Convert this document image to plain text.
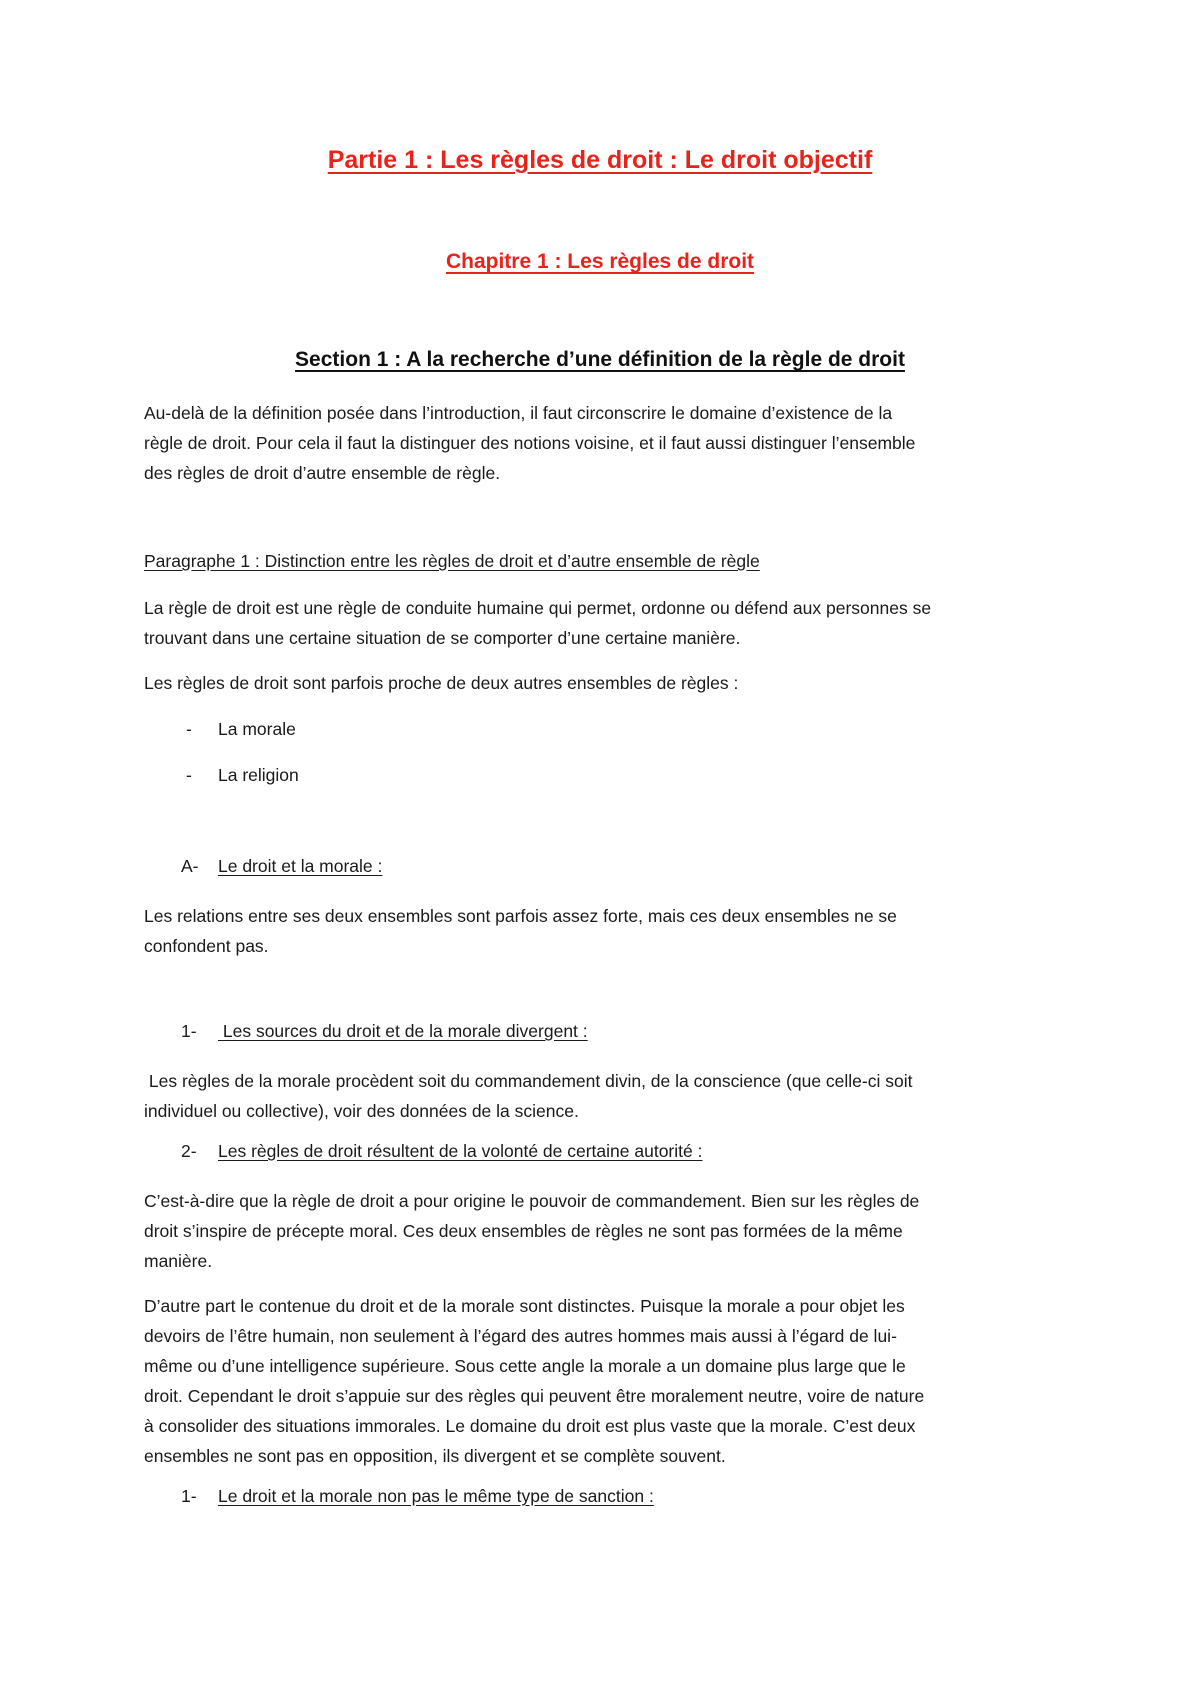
Partie 1 : Les règles de droit : Le droit objectif
Chapitre 1 : Les règles de droit
Section 1 : A la recherche d’une définition de la règle de droit

Au-delà de la définition posée dans l’introduction, il faut circonscrire le domaine d’existence de la

règle de droit. Pour cela il faut la distinguer des notions voisine, et il faut aussi distinguer l’ensemble

des règles de droit d’autre ensemble de règle.

Paragraphe 1 : Distinction entre les règles de droit et d’autre ensemble de règle

La règle de droit est une règle de conduite humaine qui permet, ordonne ou défend aux personnes se

trouvant dans une certaine situation de se comporter d’une certaine manière.

Les règles de droit sont parfois proche de deux autres ensembles de règles :

- La morale
- La religion
A- Le droit et la morale :

Les relations entre ses deux ensembles sont parfois assez forte, mais ces deux ensembles ne se

confondent pas.

1- Les sources du droit et de la morale divergent :

Les règles de la morale procèdent soit du commandement divin, de la conscience (que celle-ci soit

individuel ou collective), voir des données de la science.

2- Les règles de droit résultent de la volonté de certaine autorité :

C’est-à-dire que la règle de droit a pour origine le pouvoir de commandement. Bien sur les règles de

droit s’inspire de précepte moral. Ces deux ensembles de règles ne sont pas formées de la même

manière.

D’autre part le contenue du droit et de la morale sont distinctes. Puisque la morale a pour objet les

devoirs de l’être humain, non seulement à l’égard des autres hommes mais aussi à l’égard de lui-

même ou d’une intelligence supérieure. Sous cette angle la morale a un domaine plus large que le

droit. Cependant le droit s’appuie sur des règles qui peuvent être moralement neutre, voire de nature

à consolider des situations immorales. Le domaine du droit est plus vaste que la morale. C’est deux

ensembles ne sont pas en opposition, ils divergent et se complète souvent.

1- Le droit et la morale non pas le même type de sanction :
